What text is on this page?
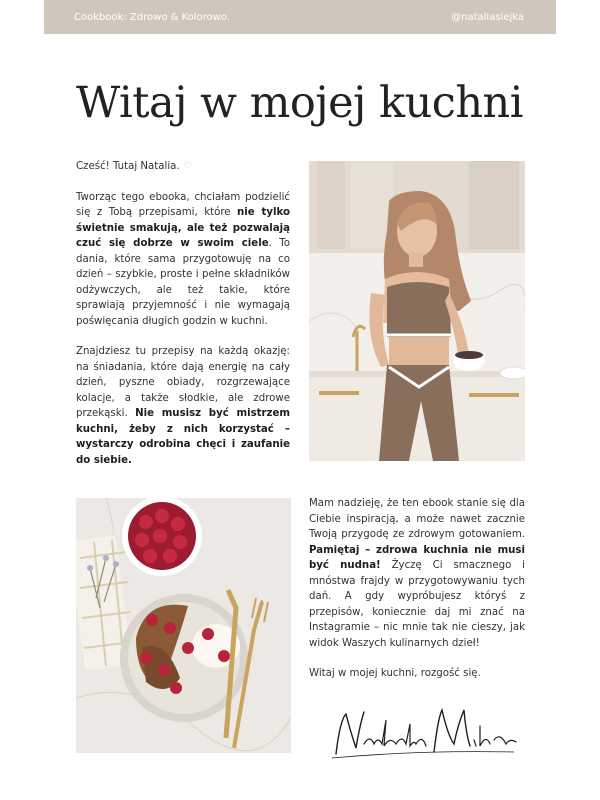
Cookbook: Zdrowo & Kolorowo.	@nataliasiejka
Witaj w mojej kuchni

Cześć! Tutaj Natalia. ♡

Tworząc tego ebooka, chciałam podzielić się z Tobą przepisami, które nie tylko świetnie smakują, ale też pozwalają czuć się dobrze w swoim ciele. To dania, które sama przygotowuję na co dzień – szybkie, proste i pełne składników odżywczych, ale też takie, które sprawiają przyjemność i nie wymagają poświęcania długich godzin w kuchni.

Znajdziesz tu przepisy na każdą okazję: na śniadania, które dają energię na cały dzień, pyszne obiady, rozgrzewające kolacje, a także słodkie, ale zdrowe przekąski. Nie musisz być mistrzem kuchni, żeby z nich korzystać – wystarczy odrobina chęci i zaufanie do siebie.

Mam nadzieję, że ten ebook stanie się dla Ciebie inspiracją, a może nawet zacznie Twoją przygodę ze zdrowym gotowaniem. Pamiętaj – zdrowa kuchnia nie musi być nudna! Życzę Ci smacznego i mnóstwa frajdy w przygotowywaniu tych dań. A gdy wypróbujesz któryś z przepisów, koniecznie daj mi znać na Instagramie – nic mnie tak nie cieszy, jak widok Waszych kulinarnych dzieł!

Witaj w mojej kuchni, rozgość się.
